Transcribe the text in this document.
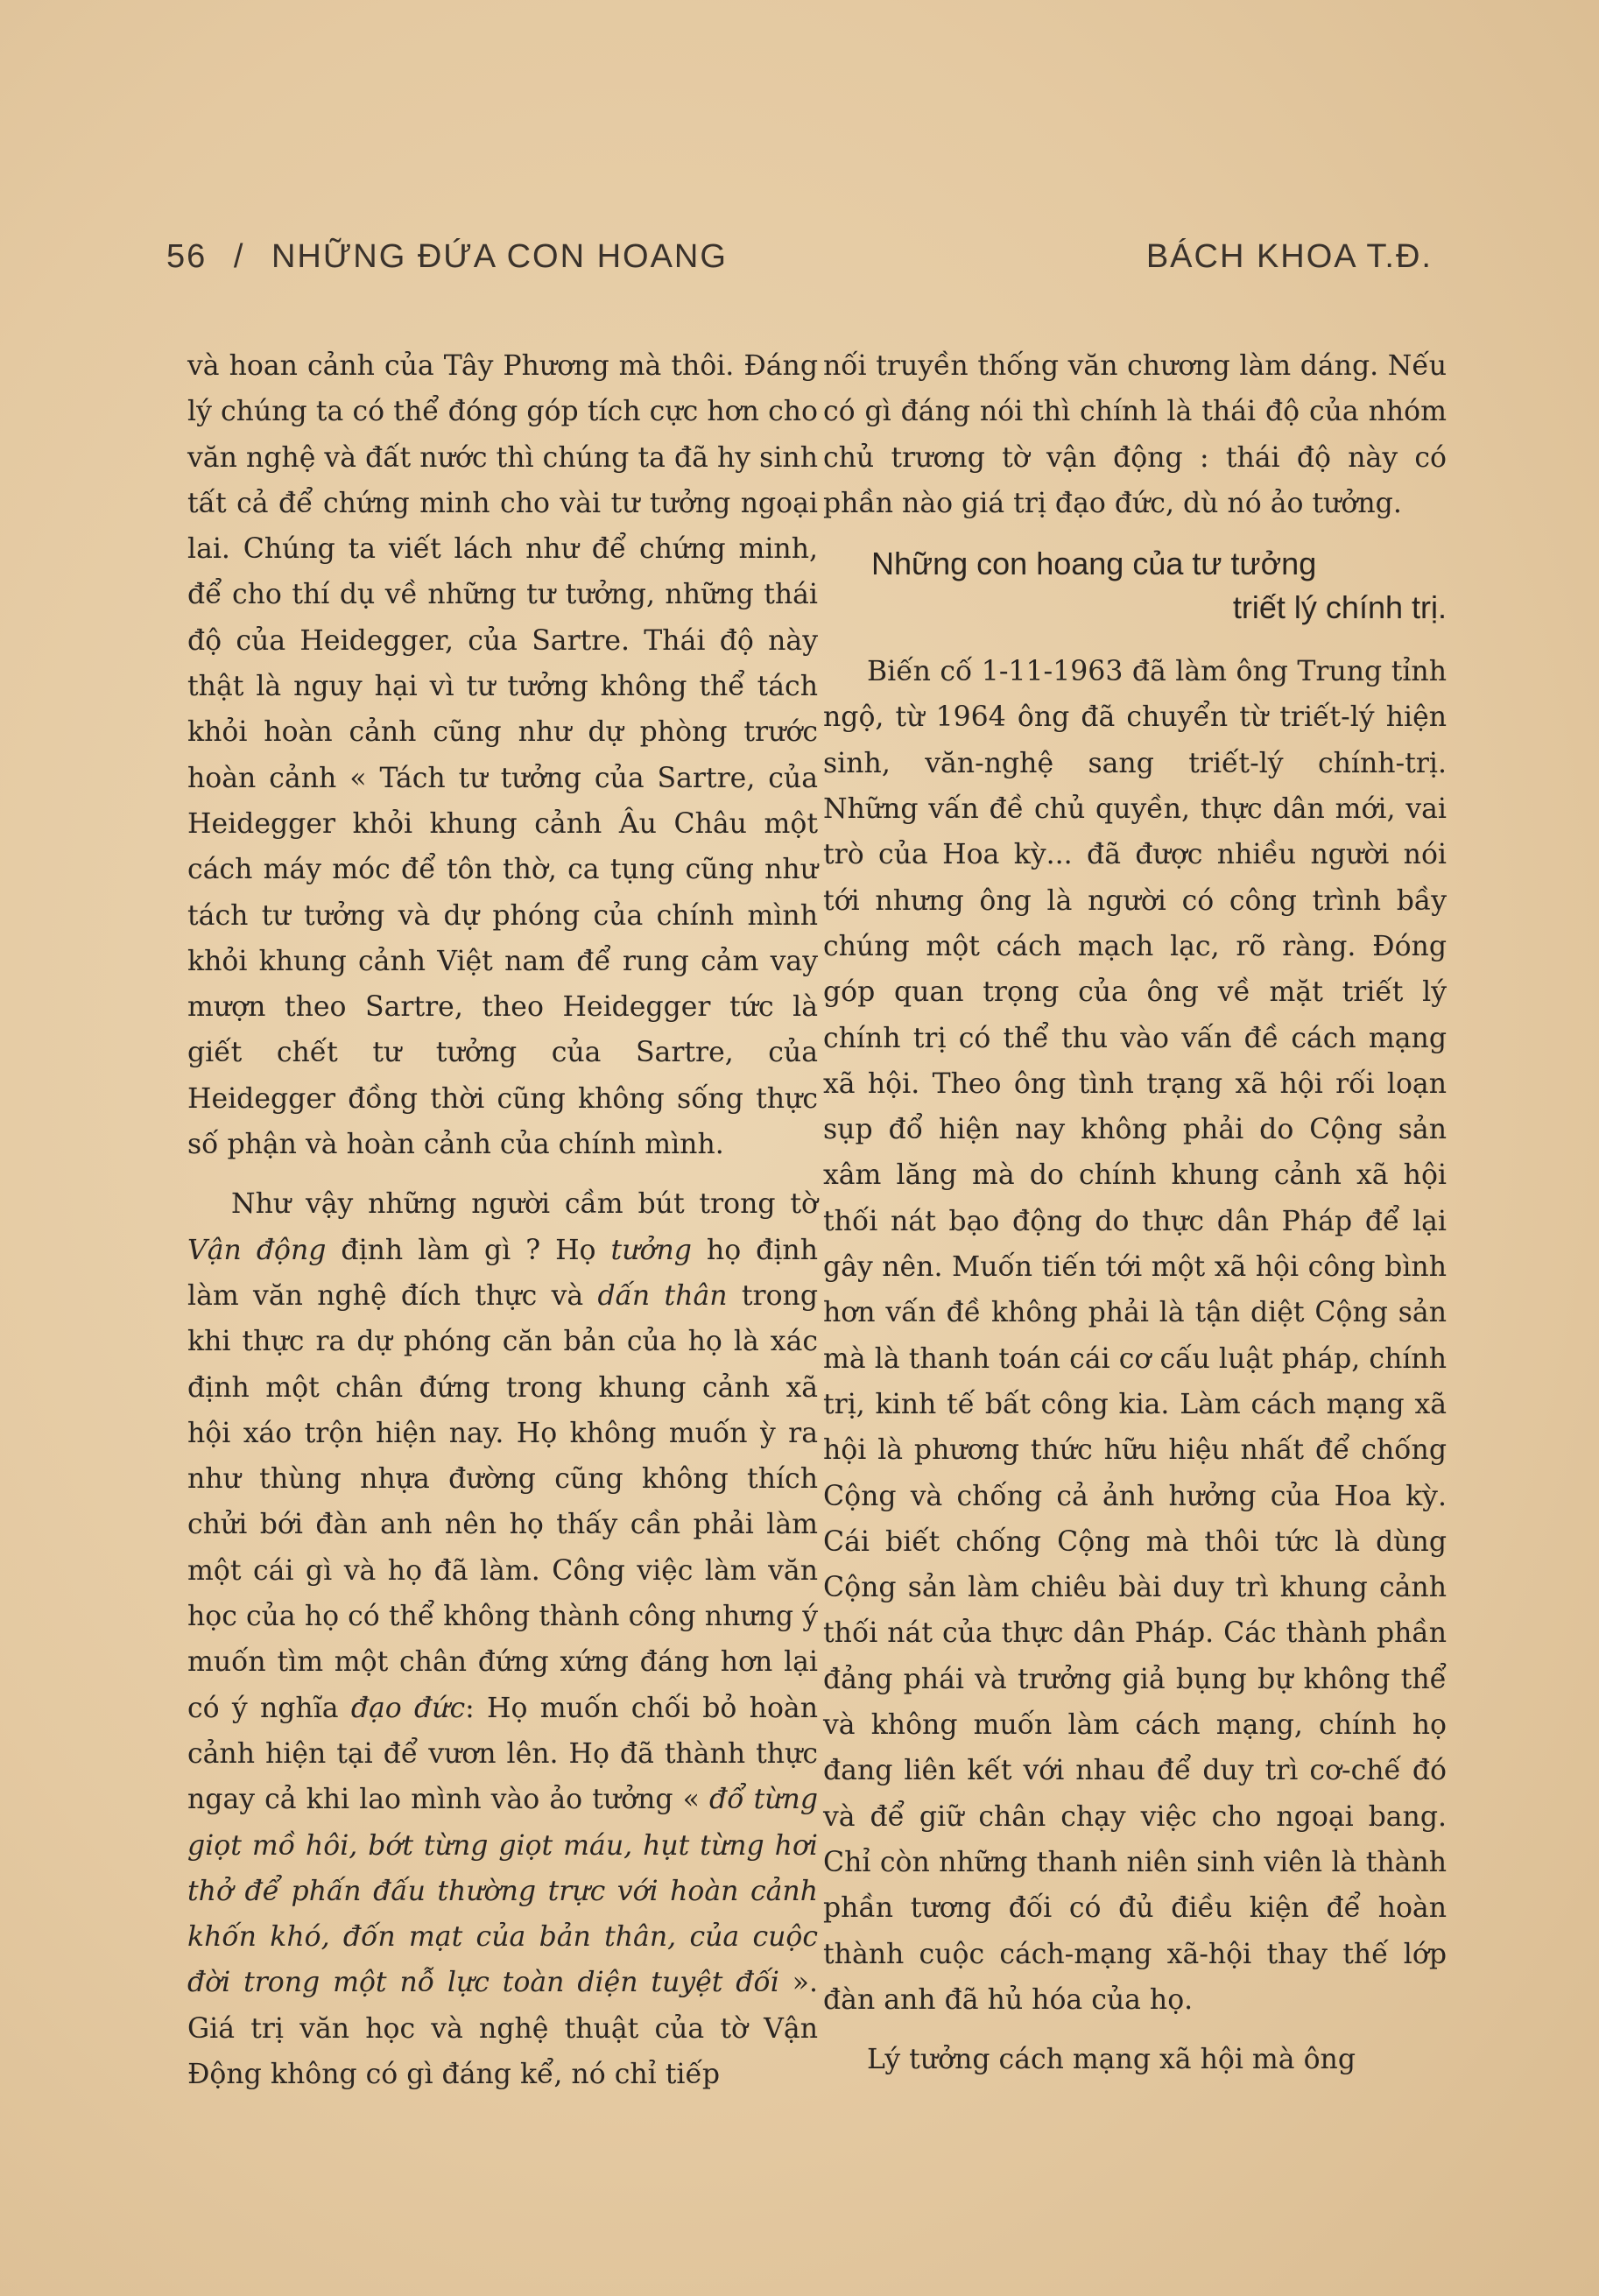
56 / NHỮNG ĐỨA CON HOANG	BÁCH KHOA T.Đ.

và hoan cảnh của Tây Phương mà thôi. Đáng lý chúng ta có thể đóng góp tích cực hơn cho văn nghệ và đất nước thì chúng ta đã hy sinh tất cả để chứng minh cho vài tư tưởng ngoại lai. Chúng ta viết lách như để chứng minh, để cho thí dụ về những tư tưởng, những thái độ của Heidegger, của Sartre. Thái độ này thật là nguy hại vì tư tưởng không thể tách khỏi hoàn cảnh cũng như dự phòng trước hoàn cảnh « Tách tư tưởng của Sartre, của Heidegger khỏi khung cảnh Âu Châu một cách máy móc để tôn thờ, ca tụng cũng như tách tư tưởng và dự phóng của chính mình khỏi khung cảnh Việt nam để rung cảm vay mượn theo Sartre, theo Heidegger tức là giết chết tư tưởng của Sartre, của Heidegger đồng thời cũng không sống thực số phận và hoàn cảnh của chính mình.

Như vậy những người cầm bút trong tờ Vận động định làm gì ? Họ tưởng họ định làm văn nghệ đích thực và dấn thân trong khi thực ra dự phóng căn bản của họ là xác định một chân đứng trong khung cảnh xã hội xáo trộn hiện nay. Họ không muốn ỳ ra như thùng nhựa đường cũng không thích chửi bới đàn anh nên họ thấy cần phải làm một cái gì và họ đã làm. Công việc làm văn học của họ có thể không thành công nhưng ý muốn tìm một chân đứng xứng đáng hơn lại có ý nghĩa đạo đức: Họ muốn chối bỏ hoàn cảnh hiện tại để vươn lên. Họ đã thành thực ngay cả khi lao mình vào ảo tưởng « đổ từng giọt mồ hôi, bớt từng giọt máu, hụt từng hơi thở để phấn đấu thường trực với hoàn cảnh khốn khó, đốn mạt của bản thân, của cuộc đời trong một nỗ lực toàn diện tuyệt đối ». Giá trị văn học và nghệ thuật của tờ Vận Động không có gì đáng kể, nó chỉ tiếp

nối truyền thống văn chương làm dáng. Nếu có gì đáng nói thì chính là thái độ của nhóm chủ trương tờ vận động : thái độ này có phần nào giá trị đạo đức, dù nó ảo tưởng.

Những con hoang của tư tưởng
triết lý chính trị.

Biến cố 1-11-1963 đã làm ông Trung tỉnh ngộ, từ 1964 ông đã chuyển từ triết-lý hiện sinh, văn-nghệ sang triết-lý chính-trị. Những vấn đề chủ quyền, thực dân mới, vai trò của Hoa kỳ... đã được nhiều người nói tới nhưng ông là người có công trình bầy chúng một cách mạch lạc, rõ ràng. Đóng góp quan trọng của ông về mặt triết lý chính trị có thể thu vào vấn đề cách mạng xã hội. Theo ông tình trạng xã hội rối loạn sụp đổ hiện nay không phải do Cộng sản xâm lăng mà do chính khung cảnh xã hội thối nát bạo động do thực dân Pháp để lại gây nên. Muốn tiến tới một xã hội công bình hơn vấn đề không phải là tận diệt Cộng sản mà là thanh toán cái cơ cấu luật pháp, chính trị, kinh tế bất công kia. Làm cách mạng xã hội là phương thức hữu hiệu nhất để chống Cộng và chống cả ảnh hưởng của Hoa kỳ. Cái biết chống Cộng mà thôi tức là dùng Cộng sản làm chiêu bài duy trì khung cảnh thối nát của thực dân Pháp. Các thành phần đảng phái và trưởng giả bụng bự không thể và không muốn làm cách mạng, chính họ đang liên kết với nhau để duy trì cơ-chế đó và để giữ chân chạy việc cho ngoại bang. Chỉ còn những thanh niên sinh viên là thành phần tương đối có đủ điều kiện để hoàn thành cuộc cách-mạng xã-hội thay thế lớp đàn anh đã hủ hóa của họ.

Lý tưởng cách mạng xã hội mà ông
